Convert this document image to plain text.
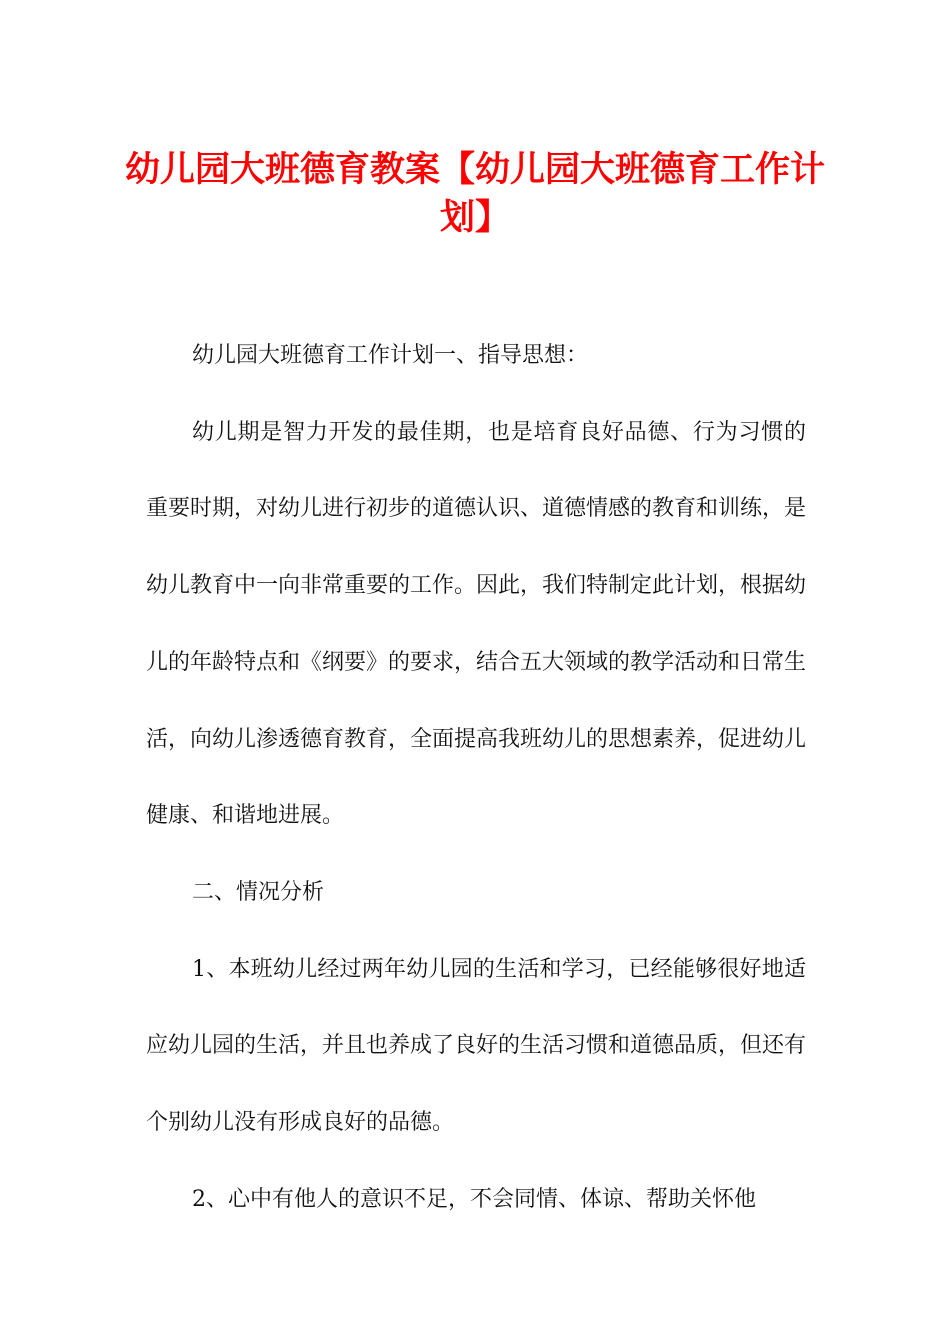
幼儿园大班德育教案【幼儿园大班德育工作计划】

幼儿园大班德育工作计划一、指导思想：

幼儿期是智力开发的最佳期，也是培育良好品德、行为习惯的重要时期，对幼儿进行初步的道德认识、道德情感的教育和训练，是幼儿教育中一向非常重要的工作。因此，我们特制定此计划，根据幼儿的年龄特点和《纲要》的要求，结合五大领域的教学活动和日常生活，向幼儿渗透德育教育，全面提高我班幼儿的思想素养，促进幼儿健康、和谐地进展。

二、情况分析

1、本班幼儿经过两年幼儿园的生活和学习，已经能够很好地适应幼儿园的生活，并且也养成了良好的生活习惯和道德品质，但还有个别幼儿没有形成良好的品德。

2、心中有他人的意识不足，不会同情、体谅、帮助关怀他
